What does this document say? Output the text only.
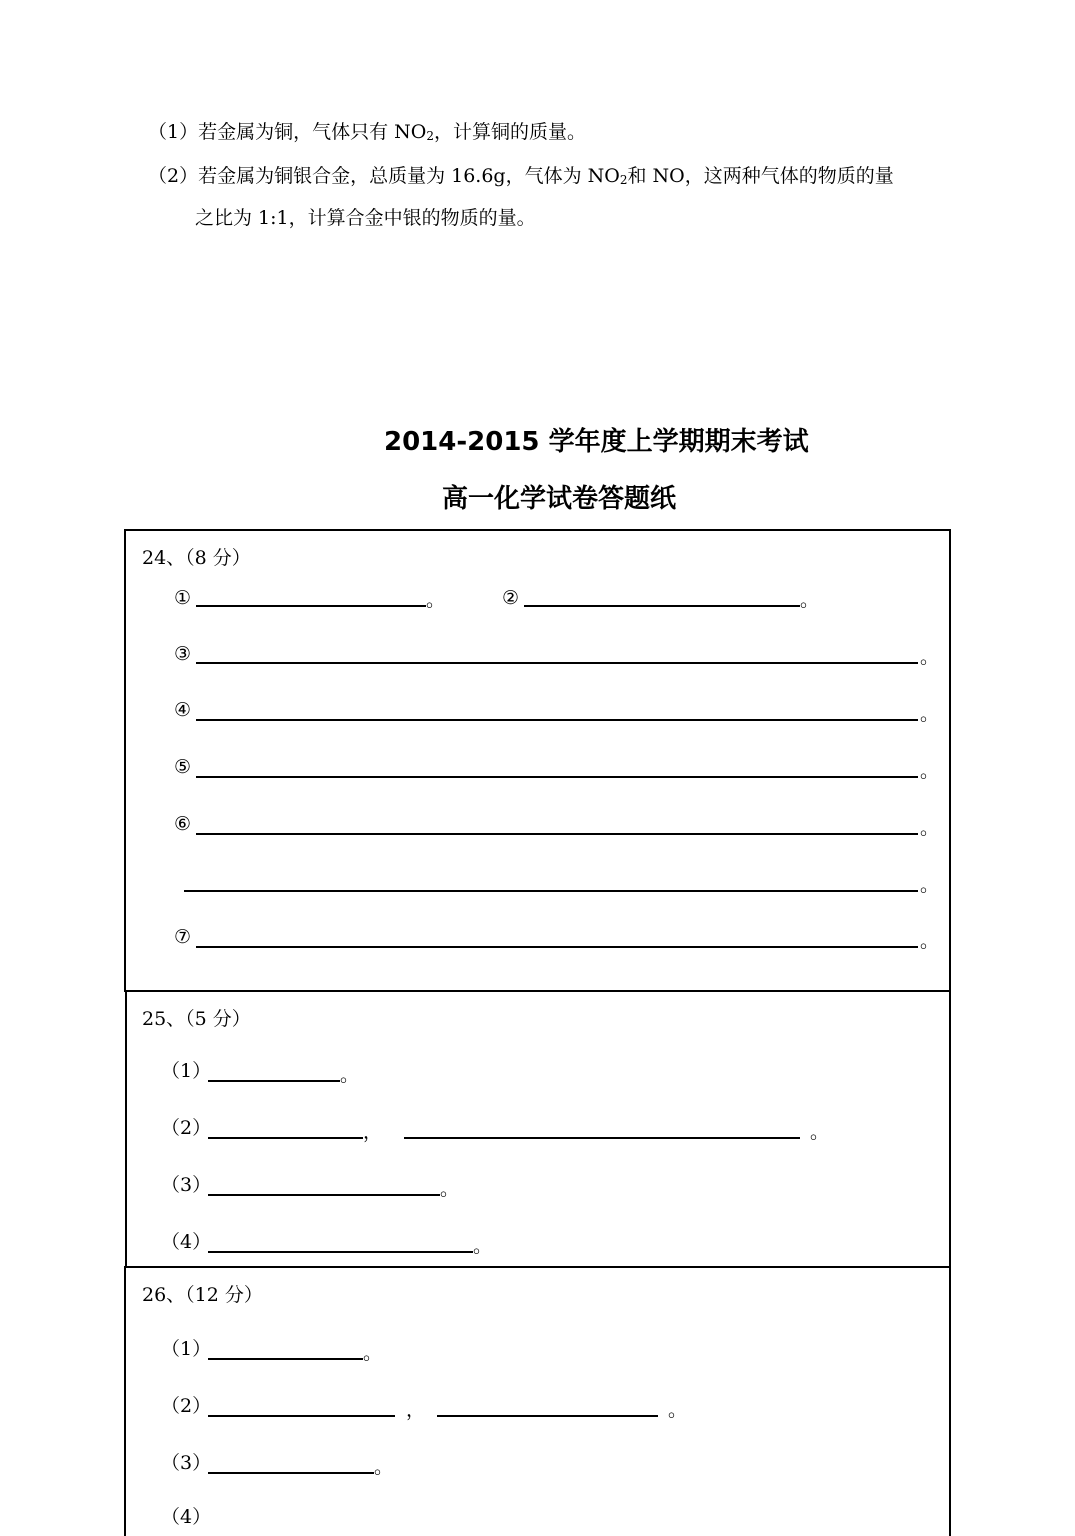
（1）若金属为铜，气体只有 $NO_2$，计算铜的质量。
（2）若金属为铜银合金，总质量为 16.6g，气体为 $NO_2$和 NO，这两种气体的物质的量
之比为 1:1，计算合金中银的物质的量。
2014-2015 学年度上学期期末考试
高一化学试卷答题纸
24、（8 分）
①	。	②	。
③	。
④	。
⑤	。
⑥	。
。
⑦	。
25、（5 分）
（1）	。
（2）	，	。
（3）	。
（4）	。
26、（12 分）
（1）	。
（2）	，	。
（3）	。
（4）
